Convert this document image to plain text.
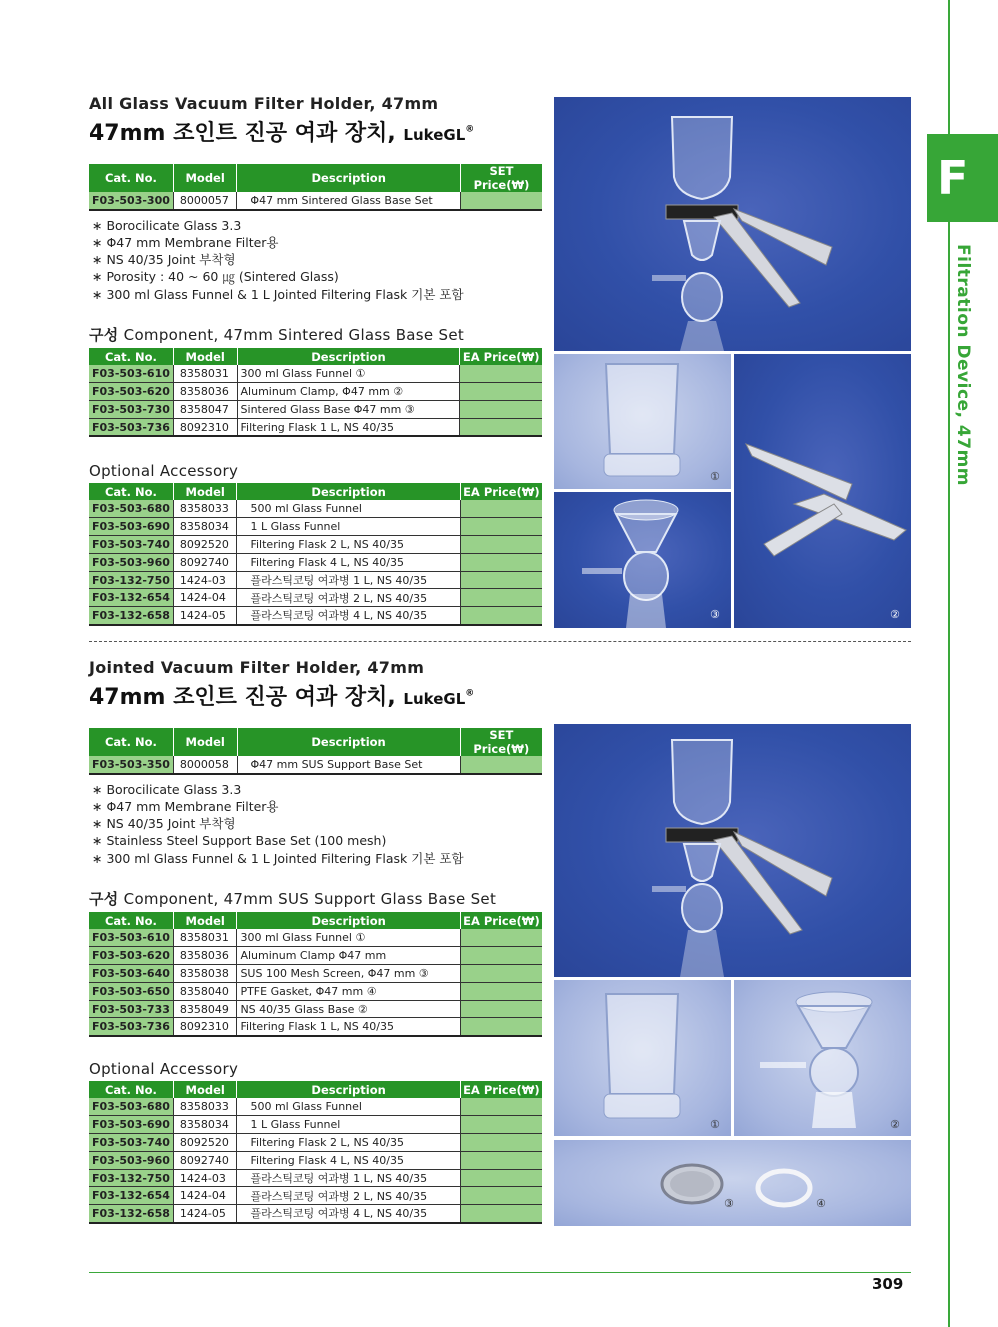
F
Filtration Device, 47mm
All Glass Vacuum Filter Holder, 47mm
47mm 조인트 진공 여과 장치, LukeGL®
Cat. No.	Model	Description	SET Price(₩)
F03-503-300	8000057	Φ47 mm Sintered Glass Base Set	
∗ Borocilicate Glass 3.3
∗ Φ47 mm Membrane Filter용
∗ NS 40/35 Joint 부착형
∗ Porosity : 40 ~ 60 ㎍ (Sintered Glass)
∗ 300 ml Glass Funnel & 1 L Jointed Filtering Flask 기본 포함
구성 Component, 47mm Sintered Glass Base Set
Cat. No.	Model	Description	EA Price(₩)
F03-503-610	8358031	300 ml Glass Funnel ①	
F03-503-620	8358036	Aluminum Clamp, Φ47 mm ②	
F03-503-730	8358047	Sintered Glass Base Φ47 mm ③	
F03-503-736	8092310	Filtering Flask 1 L, NS 40/35	
Optional Accessory
Cat. No.	Model	Description	EA Price(₩)
F03-503-680	8358033	500 ml Glass Funnel	
F03-503-690	8358034	1 L Glass Funnel	
F03-503-740	8092520	Filtering Flask 2 L, NS 40/35	
F03-503-960	8092740	Filtering Flask 4 L, NS 40/35	
F03-132-750	1424-03	플라스틱코팅 여과병 1 L, NS 40/35	
F03-132-654	1424-04	플라스틱코팅 여과병 2 L, NS 40/35	
F03-132-658	1424-05	플라스틱코팅 여과병 4 L, NS 40/35	
①
③	②
Jointed Vacuum Filter Holder, 47mm
47mm 조인트 진공 여과 장치, LukeGL®
Cat. No.	Model	Description	SET Price(₩)
F03-503-350	8000058	Φ47 mm SUS Support Base Set	
∗ Borocilicate Glass 3.3
∗ Φ47 mm Membrane Filter용
∗ NS 40/35 Joint 부착형
∗ Stainless Steel Support Base Set (100 mesh)
∗ 300 ml Glass Funnel & 1 L Jointed Filtering Flask 기본 포함
구성 Component, 47mm SUS Support Glass Base Set
Cat. No.	Model	Description	EA Price(₩)
F03-503-610	8358031	300 ml Glass Funnel ①	
F03-503-620	8358036	Aluminum Clamp Φ47 mm	
F03-503-640	8358038	SUS 100 Mesh Screen, Φ47 mm ③	
F03-503-650	8358040	PTFE Gasket, Φ47 mm ④	
F03-503-733	8358049	NS 40/35 Glass Base ②	
F03-503-736	8092310	Filtering Flask 1 L, NS 40/35	
Optional Accessory
Cat. No.	Model	Description	EA Price(₩)
F03-503-680	8358033	500 ml Glass Funnel	
F03-503-690	8358034	1 L Glass Funnel	
F03-503-740	8092520	Filtering Flask 2 L, NS 40/35	
F03-503-960	8092740	Filtering Flask 4 L, NS 40/35	
F03-132-750	1424-03	플라스틱코팅 여과병 1 L, NS 40/35	
F03-132-654	1424-04	플라스틱코팅 여과병 2 L, NS 40/35	
F03-132-658	1424-05	플라스틱코팅 여과병 4 L, NS 40/35	
①	②
③	④
309
